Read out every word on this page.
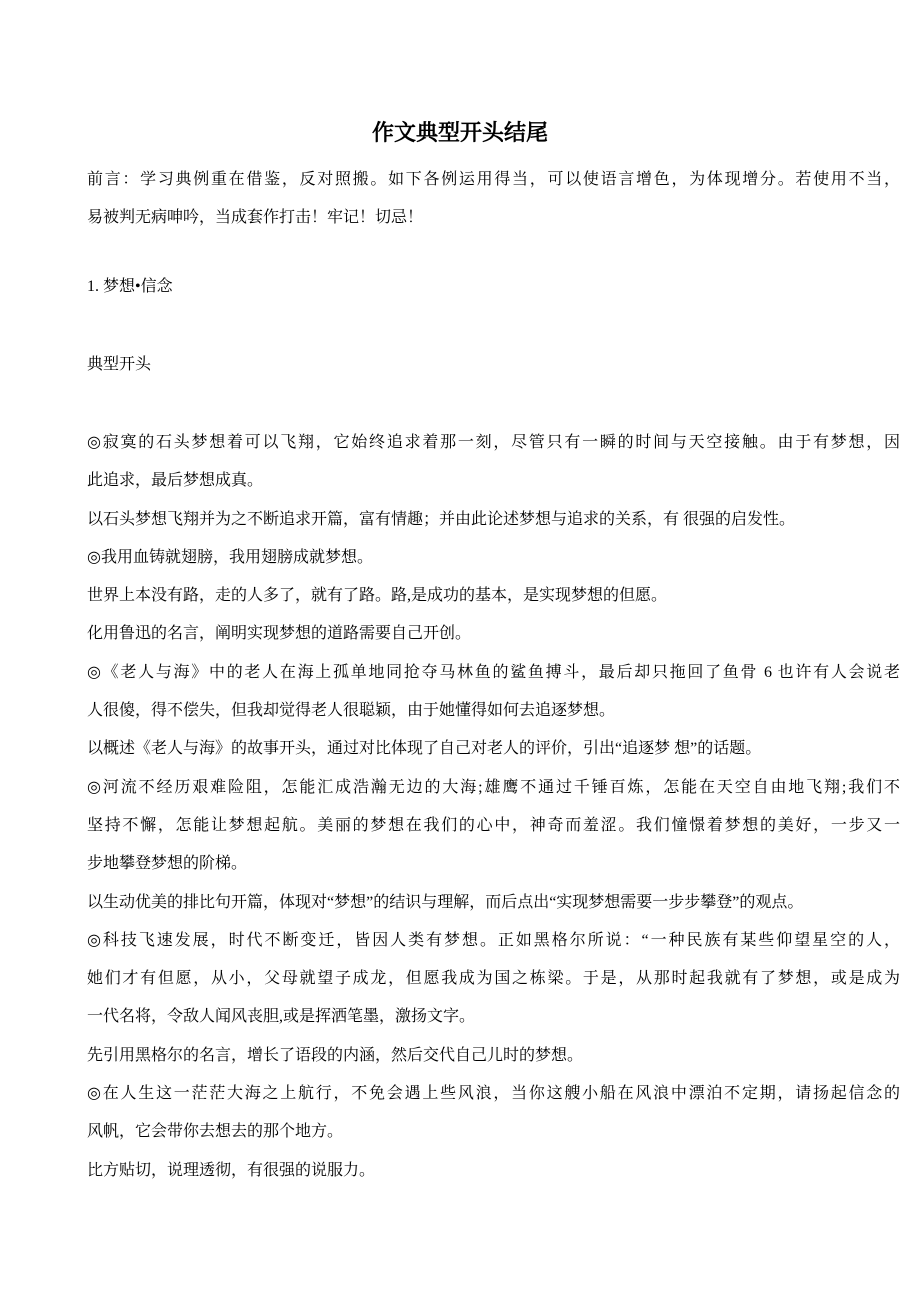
作文典型开头结尾
前言：学习典例重在借鉴，反对照搬。如下各例运用得当，可以使语言增色，为体现增分。若使用不当，
易被判无病呻吟，当成套作打击！牢记！切忌！
1. 梦想•信念
典型开头
◎寂寞的石头梦想着可以飞翔，它始终追求着那一刻，尽管只有一瞬的时间与天空接触。由于有梦想，因
此追求，最后梦想成真。
以石头梦想飞翔并为之不断追求开篇，富有情趣；并由此论述梦想与追求的关系，有 很强的启发性。
◎我用血铸就翅膀，我用翅膀成就梦想。
世界上本没有路，走的人多了，就有了路。路,是成功的基本，是实现梦想的但愿。
化用鲁迅的名言，阐明实现梦想的道路需要自己开创。
◎《老人与海》中的老人在海上孤单地同抢夺马林鱼的鲨鱼搏斗，最后却只拖回了鱼骨 6 也许有人会说老
人很傻，得不偿失，但我却觉得老人很聪颖，由于她懂得如何去追逐梦想。
以概述《老人与海》的故事开头，通过对比体现了自己对老人的评价，引出“追逐梦 想”的话题。
◎河流不经历艰难险阻，怎能汇成浩瀚无边的大海;雄鹰不通过千锤百炼，怎能在天空自由地飞翔;我们不
坚持不懈，怎能让梦想起航。美丽的梦想在我们的心中，神奇而羞涩。我们憧憬着梦想的美好，一步又一
步地攀登梦想的阶梯。
以生动优美的排比句开篇，体现对“梦想”的结识与理解，而后点出“实现梦想需要一步步攀登”的观点。
◎科技飞速发展，时代不断变迁，皆因人类有梦想。正如黑格尔所说：“一种民族有某些仰望星空的人，
她们才有但愿，从小，父母就望子成龙，但愿我成为国之栋梁。于是，从那时起我就有了梦想，或是成为
一代名将，令敌人闻风丧胆,或是挥洒笔墨，激扬文字。
先引用黑格尔的名言，增长了语段的内涵，然后交代自己儿时的梦想。
◎在人生这一茫茫大海之上航行，不免会遇上些风浪，当你这艘小船在风浪中漂泊不定期，请扬起信念的
风帆，它会带你去想去的那个地方。
比方贴切，说理透彻，有很强的说服力。
